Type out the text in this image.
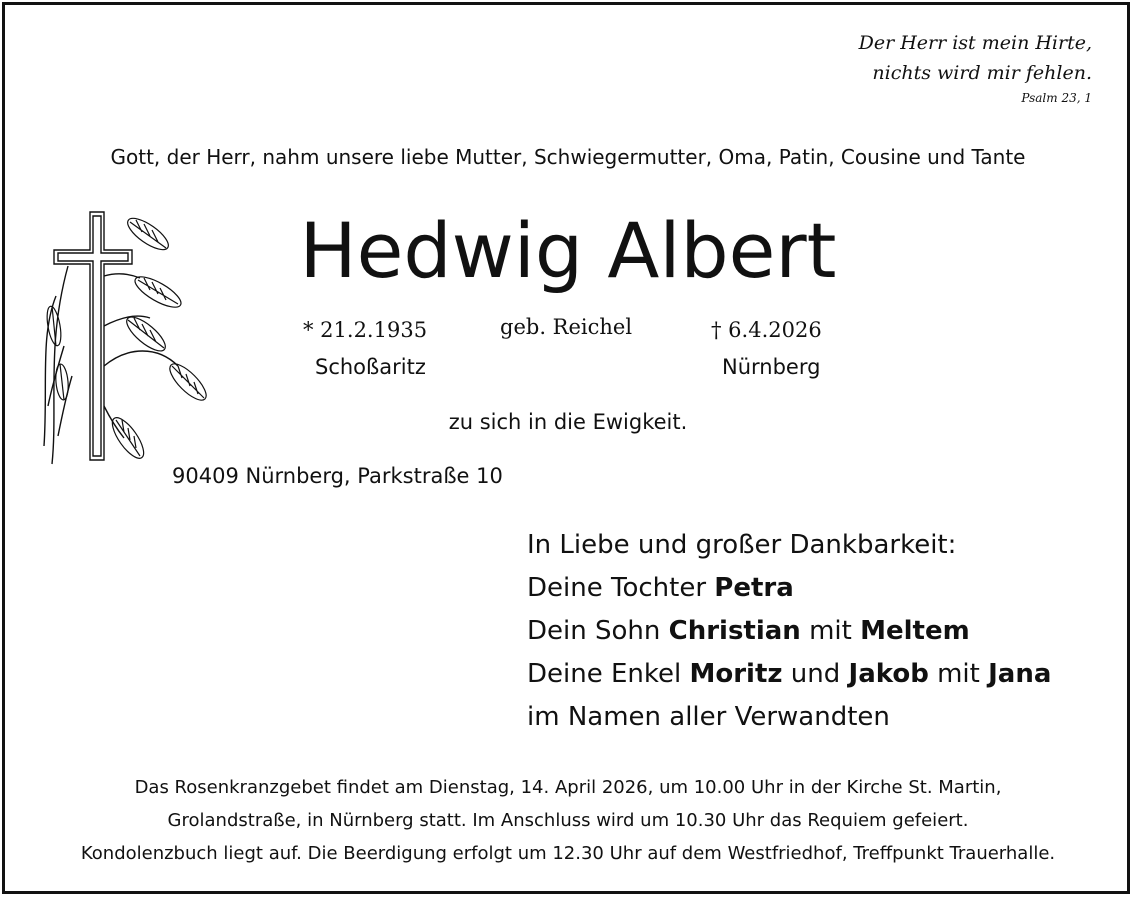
Der Herr ist mein Hirte,
nichts wird mir fehlen.
Psalm 23, 1
Gott, der Herr, nahm unsere liebe Mutter, Schwiegermutter, Oma, Patin, Cousine und Tante
Hedwig Albert
* 21.2.1935
Schoßaritz
geb. Reichel	† 6.4.2026
Nürnberg
zu sich in die Ewigkeit.
90409 Nürnberg, Parkstraße 10
In Liebe und großer Dankbarkeit:
Deine Tochter Petra
Dein Sohn Christian mit Meltem
Deine Enkel Moritz und Jakob mit Jana
im Namen aller Verwandten
Das Rosenkranzgebet findet am Dienstag, 14. April 2026, um 10.00 Uhr in der Kirche St. Martin,
Grolandstraße, in Nürnberg statt. Im Anschluss wird um 10.30 Uhr das Requiem gefeiert.
Kondolenzbuch liegt auf. Die Beerdigung erfolgt um 12.30 Uhr auf dem Westfriedhof, Treffpunkt Trauerhalle.
